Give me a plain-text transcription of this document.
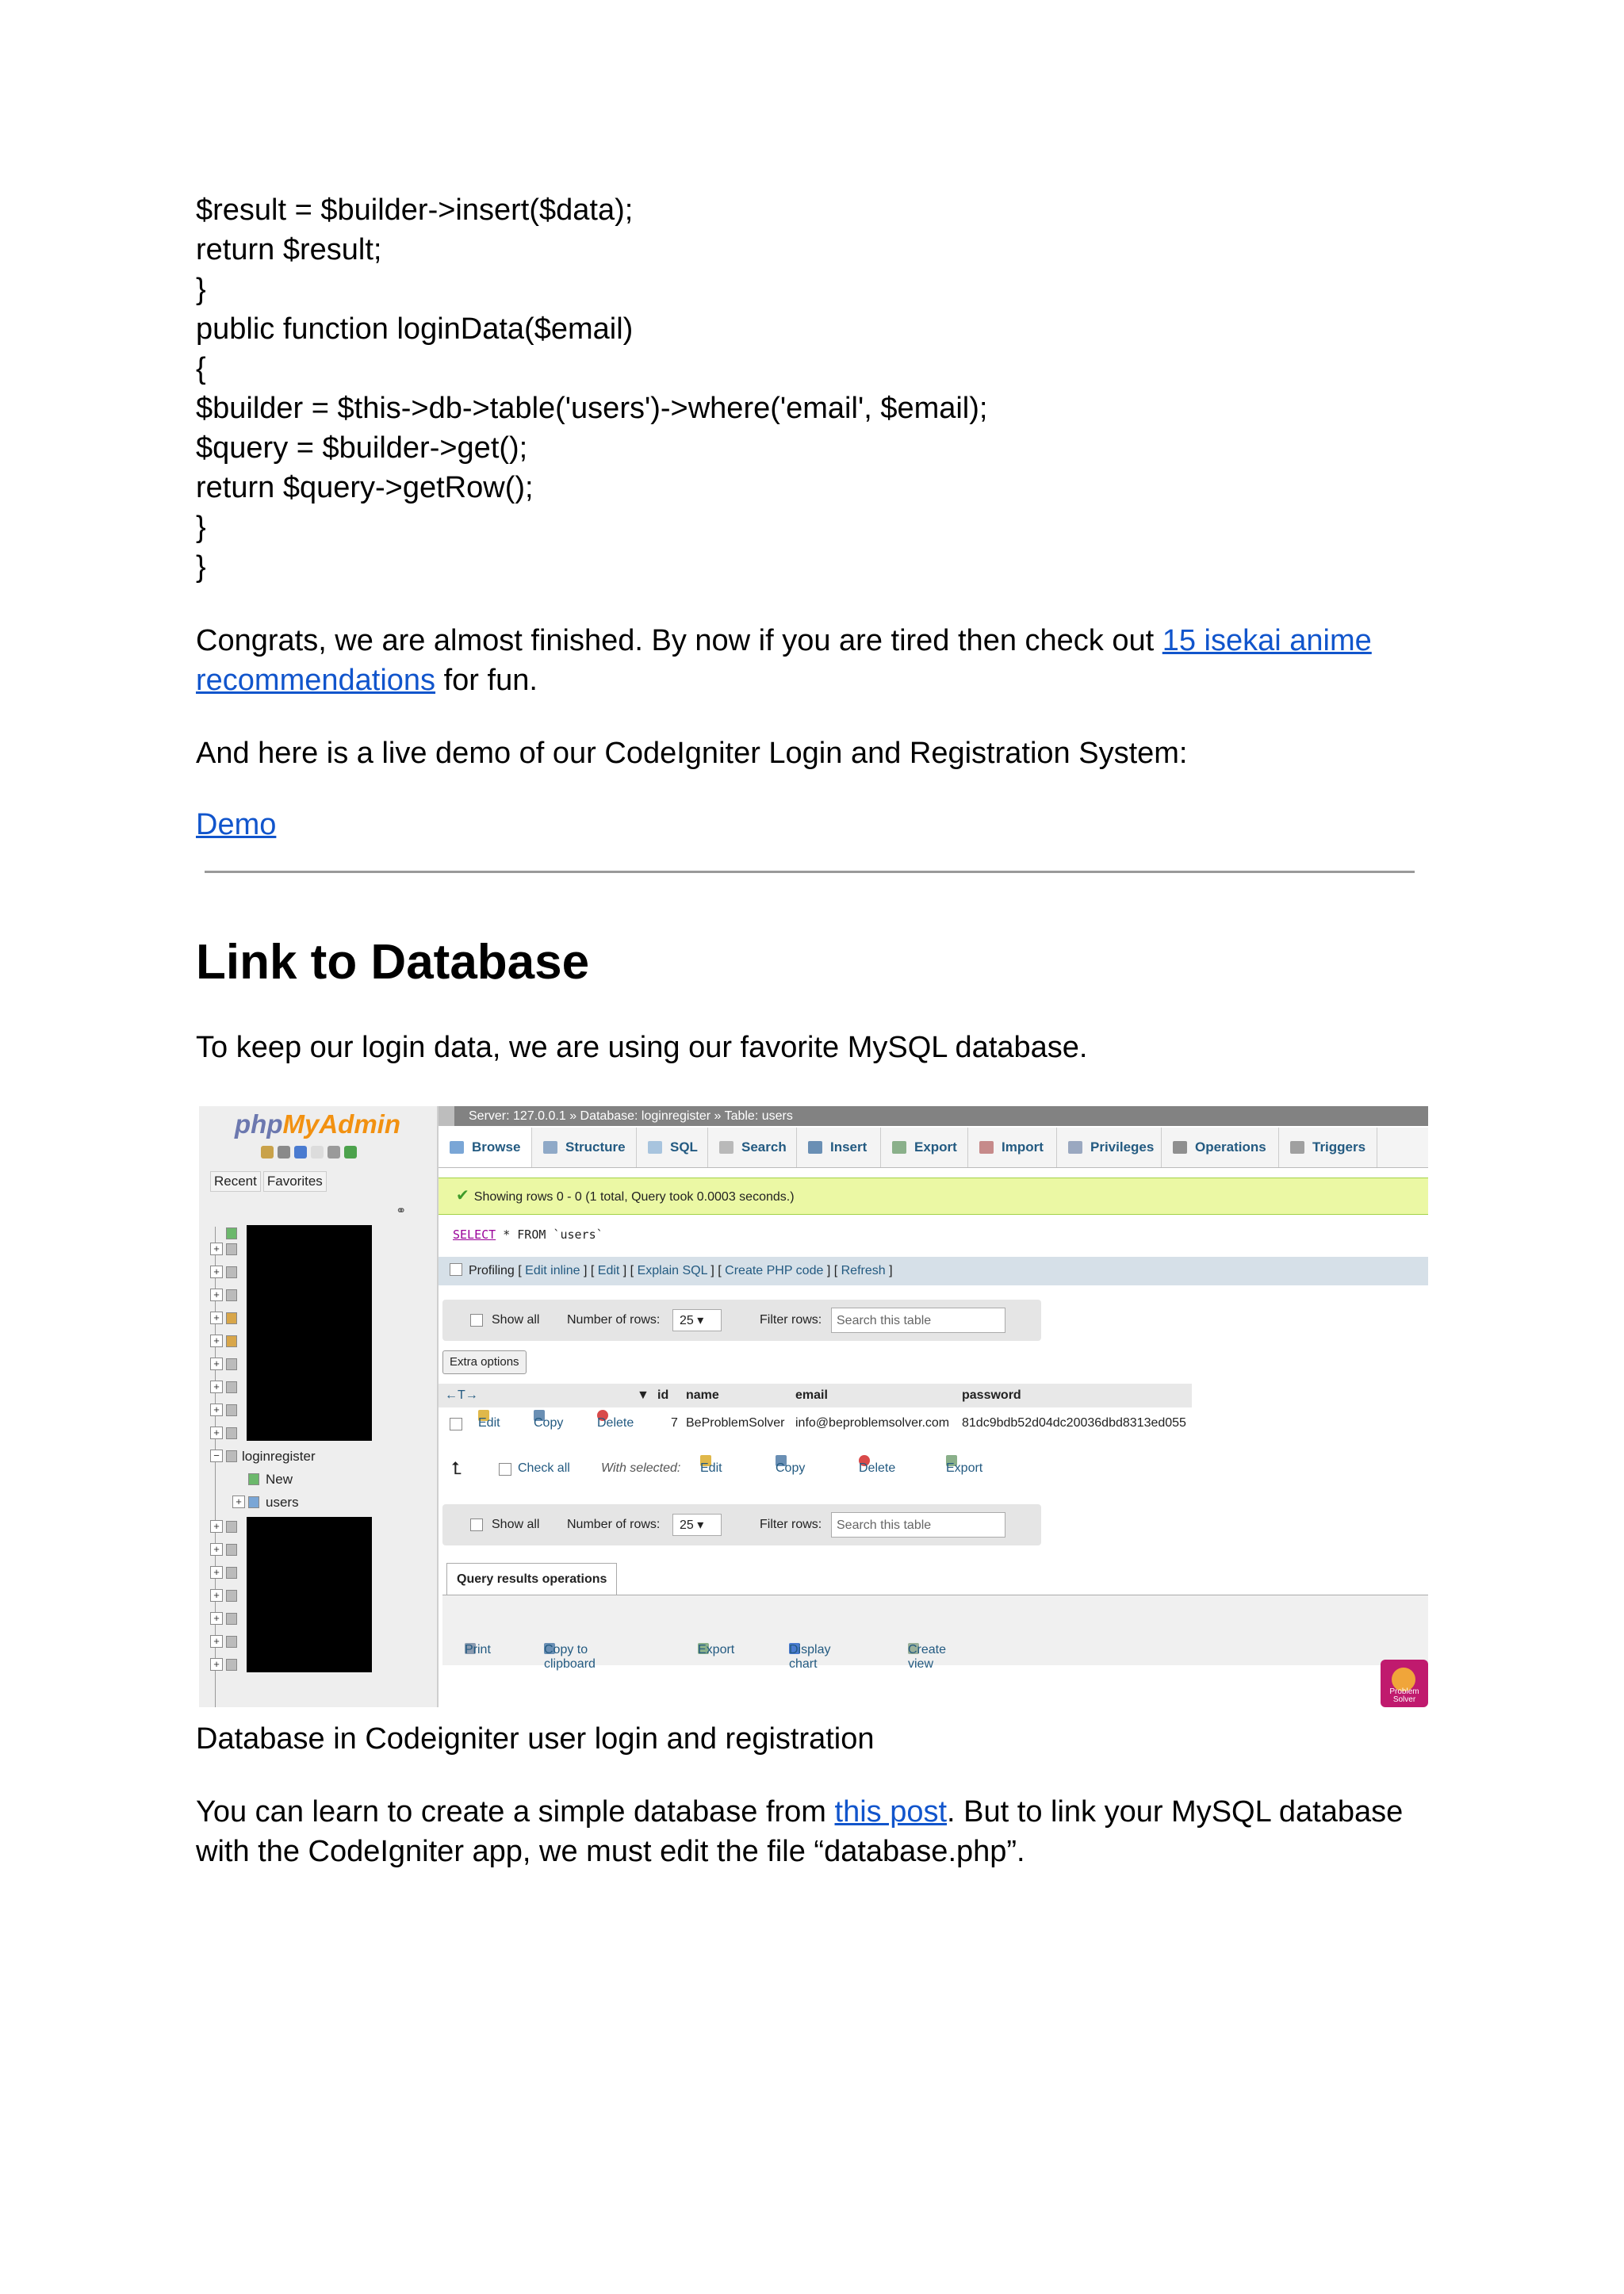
$result = $builder->insert($data);
return $result;
}
public function loginData($email)
{
$builder = $this->db->table('users')->where('email', $email);
$query = $builder->get();
return $query->getRow();
}
}

Congrats, we are almost finished. By now if you are tired then check out 15 isekai anime recommendations for fun.

And here is a live demo of our CodeIgniter Login and Registration System:

Demo

Link to Database

To keep our login data, we are using our favorite MySQL database.

phpMyAdmin
Recent Favorites
⚭
+
+
+
+
+
+
+
+
+
− loginregister
New
+ users
+
+
+
+
+
+
+
Server: 127.0.0.1 » Database: loginregister » Table: users
Browse	Structure	SQL	Search	Insert	Export	Import	Privileges	Operations	Triggers
✔ Showing rows 0 - 0 (1 total, Query took 0.0003 seconds.)
SELECT * FROM `users`
Profiling [ Edit inline ] [ Edit ] [ Explain SQL ] [ Create PHP code ] [ Refresh ]
Show all Number of rows:	25 ▾	Filter rows:	Search this table
Extra options
←T→	▼ id name	email	password
Edit	Copy	Delete	7 BeProblemSolver info@beproblemsolver.com 81dc9bdb52d04dc20036dbd8313ed055
⮤	Check all With selected: Edit	Copy	Delete	Export
Show all Number of rows:	25 ▾	Filter rows:	Search this table
Query results operations
Print	Copy to clipboard
Export	Display chart
Create view
Problem Solver
Database in Codeigniter user login and registration

You can learn to create a simple database from this post. But to link your MySQL database with the CodeIgniter app, we must edit the file “database.php”.
